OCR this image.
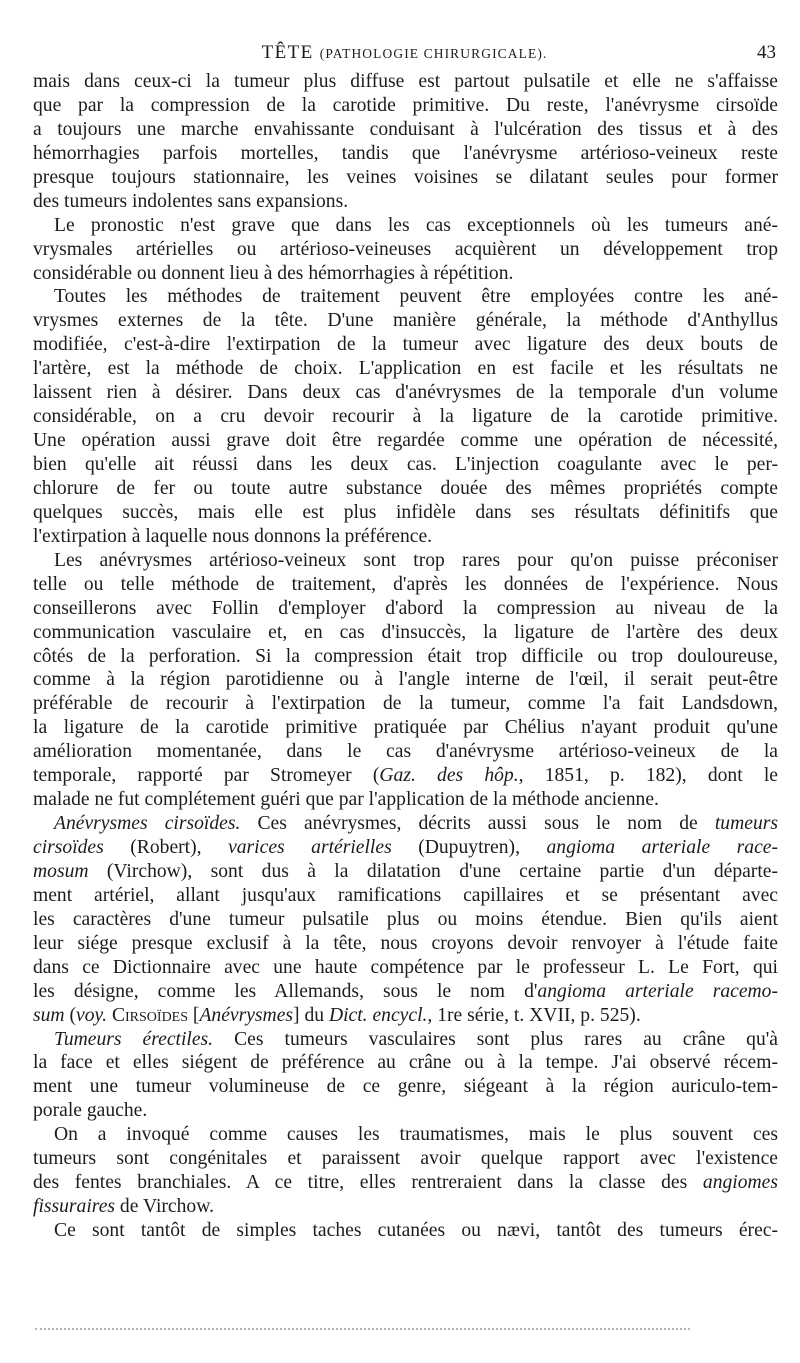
TÊTE (PATHOLOGIE CHIRURGICALE).	43
mais dans ceux-ci la tumeur plus diffuse est partout pulsatile et elle ne s'affaisse
que par la compression de la carotide primitive. Du reste, l'anévrysme cirsoïde
a toujours une marche envahissante conduisant à l'ulcération des tissus et à des
hémorrhagies parfois mortelles, tandis que l'anévrysme artérioso-veineux reste
presque toujours stationnaire, les veines voisines se dilatant seules pour former
des tumeurs indolentes sans expansions.
Le pronostic n'est grave que dans les cas exceptionnels où les tumeurs ané-
vrysmales artérielles ou artérioso-veineuses acquièrent un développement trop
considérable ou donnent lieu à des hémorrhagies à répétition.
Toutes les méthodes de traitement peuvent être employées contre les ané-
vrysmes externes de la tête. D'une manière générale, la méthode d'Anthyllus
modifiée, c'est-à-dire l'extirpation de la tumeur avec ligature des deux bouts de
l'artère, est la méthode de choix. L'application en est facile et les résultats ne
laissent rien à désirer. Dans deux cas d'anévrysmes de la temporale d'un volume
considérable, on a cru devoir recourir à la ligature de la carotide primitive.
Une opération aussi grave doit être regardée comme une opération de nécessité,
bien qu'elle ait réussi dans les deux cas. L'injection coagulante avec le per-
chlorure de fer ou toute autre substance douée des mêmes propriétés compte
quelques succès, mais elle est plus infidèle dans ses résultats définitifs que
l'extirpation à laquelle nous donnons la préférence.
Les anévrysmes artérioso-veineux sont trop rares pour qu'on puisse préconiser
telle ou telle méthode de traitement, d'après les données de l'expérience. Nous
conseillerons avec Follin d'employer d'abord la compression au niveau de la
communication vasculaire et, en cas d'insuccès, la ligature de l'artère des deux
côtés de la perforation. Si la compression était trop difficile ou trop douloureuse,
comme à la région parotidienne ou à l'angle interne de l'œil, il serait peut-être
préférable de recourir à l'extirpation de la tumeur, comme l'a fait Landsdown,
la ligature de la carotide primitive pratiquée par Chélius n'ayant produit qu'une
amélioration momentanée, dans le cas d'anévrysme artérioso-veineux de la
temporale, rapporté par Stromeyer (Gaz. des hôp., 1851, p. 182), dont le
malade ne fut complétement guéri que par l'application de la méthode ancienne.
Anévrysmes cirsoïdes. Ces anévrysmes, décrits aussi sous le nom de tumeurs
cirsoïdes (Robert), varices artérielles (Dupuytren), angioma arteriale race-
mosum (Virchow), sont dus à la dilatation d'une certaine partie d'un départe-
ment artériel, allant jusqu'aux ramifications capillaires et se présentant avec
les caractères d'une tumeur pulsatile plus ou moins étendue. Bien qu'ils aient
leur siége presque exclusif à la tête, nous croyons devoir renvoyer à l'étude faite
dans ce Dictionnaire avec une haute compétence par le professeur L. Le Fort, qui
les désigne, comme les Allemands, sous le nom d'angioma arteriale racemo-
sum (voy. Cirsoïdes [Anévrysmes] du Dict. encycl., 1re série, t. XVII, p. 525).
Tumeurs érectiles. Ces tumeurs vasculaires sont plus rares au crâne qu'à
la face et elles siégent de préférence au crâne ou à la tempe. J'ai observé récem-
ment une tumeur volumineuse de ce genre, siégeant à la région auriculo-tem-
porale gauche.
On a invoqué comme causes les traumatismes, mais le plus souvent ces
tumeurs sont congénitales et paraissent avoir quelque rapport avec l'existence
des fentes branchiales. A ce titre, elles rentreraient dans la classe des angiomes
fissuraires de Virchow.
Ce sont tantôt de simples taches cutanées ou nævi, tantôt des tumeurs érec-
